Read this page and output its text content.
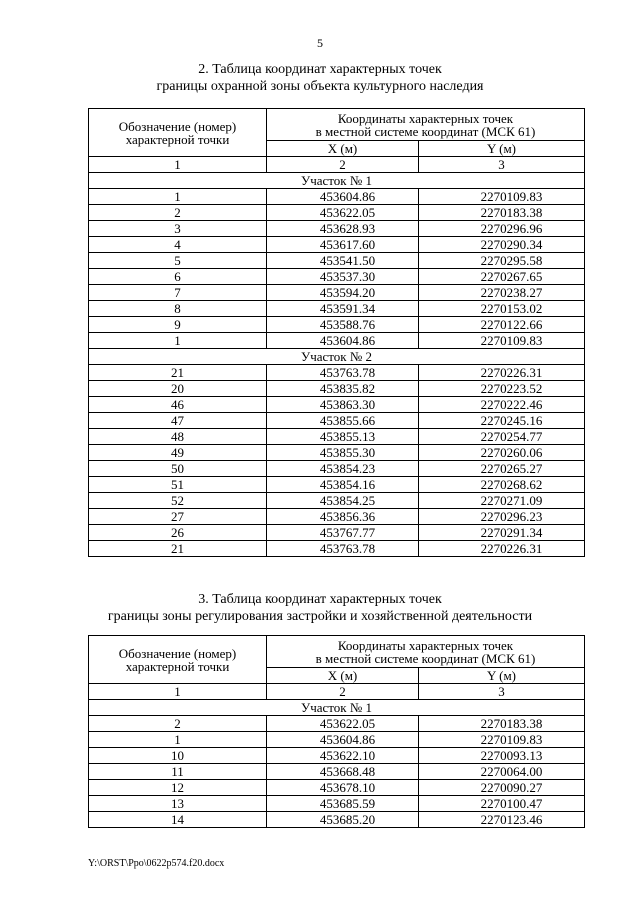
5
2. Таблица координат характерных точек
границы охранной зоны объекта культурного наследия
Обозначение (номер) характерной точки	Координаты характерных точек
в местной системе координат (МСК 61)	

	X (м)	Y (м)
1	2	3
Участок № 1		
1	453604.86	2270109.83
2	453622.05	2270183.38
3	453628.93	2270296.96
4	453617.60	2270290.34
5	453541.50	2270295.58
6	453537.30	2270267.65
7	453594.20	2270238.27
8	453591.34	2270153.02
9	453588.76	2270122.66
1	453604.86	2270109.83
Участок № 2		
21	453763.78	2270226.31
20	453835.82	2270223.52
46	453863.30	2270222.46
47	453855.66	2270245.16
48	453855.13	2270254.77
49	453855.30	2270260.06
50	453854.23	2270265.27
51	453854.16	2270268.62
52	453854.25	2270271.09
27	453856.36	2270296.23
26	453767.77	2270291.34
21	453763.78	2270226.31
3. Таблица координат характерных точек
границы зоны регулирования застройки и хозяйственной деятельности
Обозначение (номер) характерной точки	Координаты характерных точек
в местной системе координат (МСК 61)	

	X (м)	Y (м)
1	2	3
Участок № 1		
2	453622.05	2270183.38
1	453604.86	2270109.83
10	453622.10	2270093.13
11	453668.48	2270064.00
12	453678.10	2270090.27
13	453685.59	2270100.47
14	453685.20	2270123.46
Y:\ORST\Ppo\0622p574.f20.docx
